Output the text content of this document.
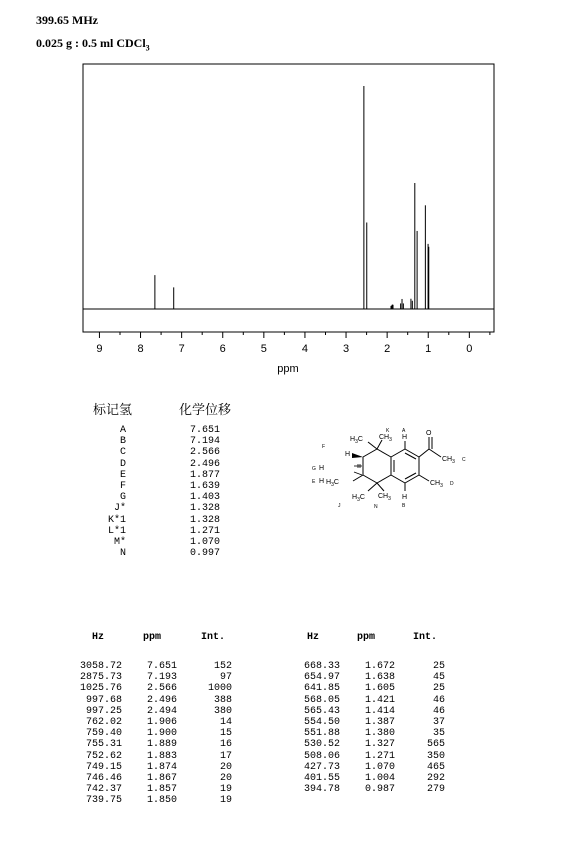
399.65 MHz
0.025 g : 0.5 ml CDCl$_3$
9	8	7	6	5	4	3	2	1	0
ppm
标记氢	化学位移
A	7.651
B	7.194
C	2.566
D	2.496
E	1.877
F	1.639
G	1.403
J*	1.328
K*1	1.328
L*1	1.271
M*	1.070
N	0.997
F
H
G H
E H
$H_3C$ $CH_3$
K	A
H
O
$CH_3$ C
$CH_3$ D
$H_3C$
$H_3C$
J
$CH_3$
N
H
B
Hz	ppm	Int.
3058.72	7.651	152
2875.73	7.193	97
1025.76	2.566	1000
997.68	2.496	388
997.25	2.494	380
762.02	1.906	14
759.40	1.900	15
755.31	1.889	16
752.62	1.883	17
749.15	1.874	20
746.46	1.867	20
742.37	1.857	19
739.75	1.850	19
Hz	ppm	Int.
668.33	1.672	25
654.97	1.638	45
641.85	1.605	25
568.05	1.421	46
565.43	1.414	46
554.50	1.387	37
551.88	1.380	35
530.52	1.327	565
508.06	1.271	350
427.73	1.070	465
401.55	1.004	292
394.78	0.987	279
